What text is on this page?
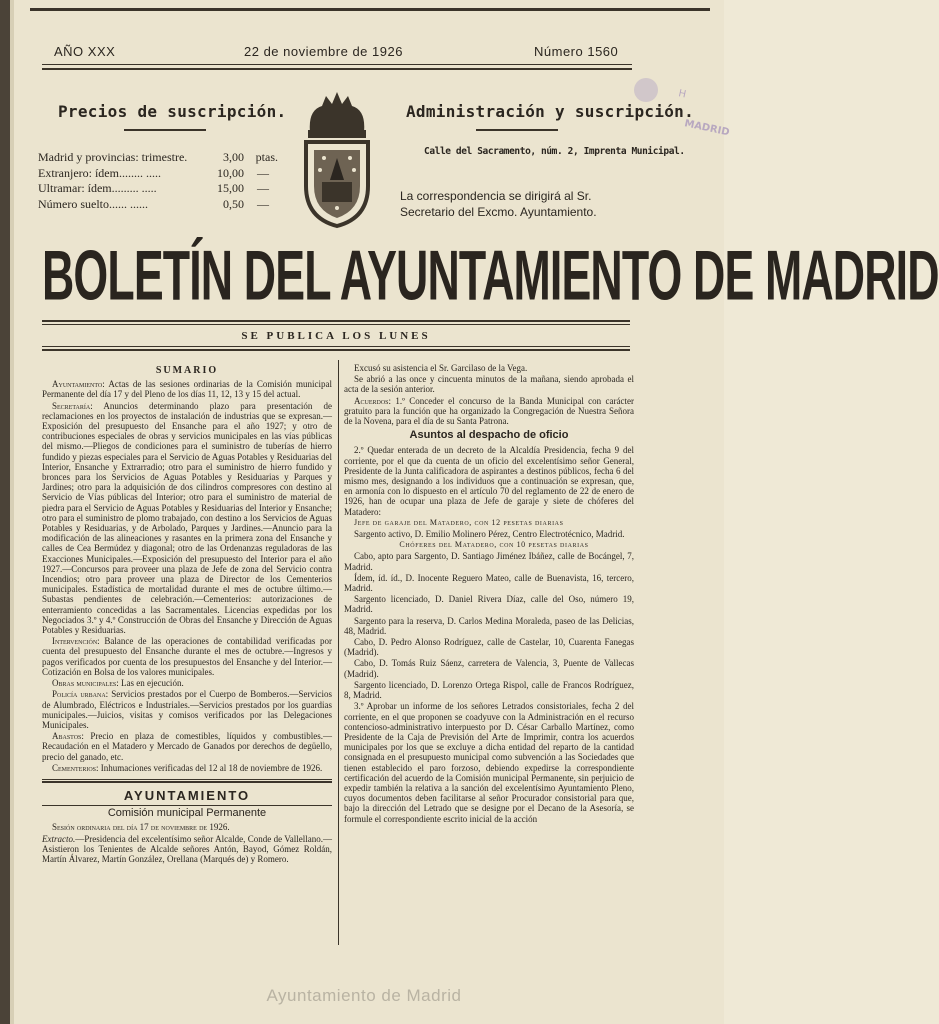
AÑO XXX	22 de noviembre de 1926	Número 1560
Precios de suscripción.	Administración y suscripción.
Madrid y provincias: trimestre.	3,00 ptas.
Extranjero: ídem........ .....	10,00	—
Ultramar: ídem......... .....	15,00	—
Número suelto...... ......	0,50	—
Calle del Sacramento, núm. 2, Imprenta Municipal.
La correspondencia se dirigirá al Sr. Secretario del Excmo. Ayuntamiento.
H
MADRID
BOLETÍN DEL AYUNTAMIENTO DE MADRID
SE PUBLICA LOS LUNES
SUMARIO

Ayuntamiento: Actas de las sesiones ordinarias de la Comisión municipal Permanente del día 17 y del Pleno de los días 11, 12, 13 y 15 del actual.

Secretaría: Anuncios determinando plazo para presentación de reclamaciones en los proyectos de instalación de industrias que se expresan.—Exposición del presupuesto del Ensanche para el año 1927; y otro de contribuciones especiales de obras y servicios municipales en las vías públicas del mismo.—Pliegos de condiciones para el suministro de tuberías de hierro fundido y piezas especiales para el Servicio de Aguas Potables y Residuarias del Interior, Ensanche y Extrarradio; otro para el suministro de hierro fundido y bronces para los Servicios de Aguas Potables y Residuarias y Parques y Jardines; otro para la adquisición de dos cilindros compresores con destino al Servicio de Vías públicas del Interior; otro para el suministro de material de piedra para el Servicio de Aguas Potables y Residuarias del Interior y Ensanche; otro para el suministro de plomo trabajado, con destino a los Servicios de Aguas Potables y Residuarias, y de Arbolado, Parques y Jardines.—Anuncio para la modificación de las alineaciones y rasantes en la primera zona del Ensanche y calles de Cea Bermúdez y diagonal; otro de las Ordenanzas reguladoras de las Exacciones Municipales.—Exposición del presupuesto del Interior para el año 1927.—Concursos para proveer una plaza de Jefe de zona del Servicio contra Incendios; otro para proveer una plaza de Director de los Cementerios municipales. Estadística de mortalidad durante el mes de octubre último.—Subastas pendientes de celebración.—Cementerios: autorizaciones de enterramiento concedidas a las Sacramentales. Licencias expedidas por los Negociados 3.º y 4.º Construcción de Obras del Ensanche y Dirección de Aguas Potables y Residuarias.

Intervención: Balance de las operaciones de contabilidad verificadas por cuenta del presupuesto del Ensanche durante el mes de octubre.—Ingresos y pagos verificados por cuenta de los presupuestos del Ensanche y del Interior.—Cotización en Bolsa de los valores municipales.

Obras municipales: Las en ejecución.

Policía urbana: Servicios prestados por el Cuerpo de Bomberos.—Servicios de Alumbrado, Eléctricos e Industriales.—Servicios prestados por los guardias municipales.—Juicios, visitas y comisos verificados por las Delegaciones Municipales.

Abastos: Precio en plaza de comestibles, líquidos y combustibles.—Recaudación en el Matadero y Mercado de Ganados por derechos de degüello, precio del ganado, etc.

Cementerios: Inhumaciones verificadas del 12 al 18 de noviembre de 1926.

AYUNTAMIENTO
Comisión municipal Permanente

Sesión ordinaria del día 17 de noviembre de 1926.

Extracto.—Presidencia del excelentísimo señor Alcalde, Conde de Vallellano.—Asistieron los Tenientes de Alcalde señores Antón, Bayod, Gómez Roldán, Martín Álvarez, Martín González, Orellana (Marqués de) y Romero.

Excusó su asistencia el Sr. Garcilaso de la Vega.

Se abrió a las once y cincuenta minutos de la mañana, siendo aprobada el acta de la sesión anterior.

Acuerdos: 1.º Conceder el concurso de la Banda Municipal con carácter gratuito para la función que ha organizado la Congregación de Nuestra Señora de la Novena, para el día de su Santa Patrona.

Asuntos al despacho de oficio

2.º Quedar enterada de un decreto de la Alcaldía Presidencia, fecha 9 del corriente, por el que da cuenta de un oficio del excelentísimo señor General, Presidente de la Junta calificadora de aspirantes a destinos públicos, fecha 6 del mismo mes, designando a los individuos que a continuación se expresan, que, en armonía con lo dispuesto en el artículo 70 del reglamento de 22 de enero de 1926, han de ocupar una plaza de Jefe de garaje y siete de chóferes del Matadero:

Jefe de garaje del Matadero, con 12 pesetas diarias

Sargento activo, D. Emilio Molinero Pérez, Centro Electrotécnico, Madrid.

Chóferes del Matadero, con 10 pesetas diarias

Cabo, apto para Sargento, D. Santiago Jiménez Ibáñez, calle de Bocángel, 7, Madrid.

Ídem, íd. íd., D. Inocente Reguero Mateo, calle de Buenavista, 16, tercero, Madrid.

Sargento licenciado, D. Daniel Rivera Díaz, calle del Oso, número 19, Madrid.

Sargento para la reserva, D. Carlos Medina Moraleda, paseo de las Delicias, 48, Madrid.

Cabo, D. Pedro Alonso Rodríguez, calle de Castelar, 10, Cuarenta Fanegas (Madrid).

Cabo, D. Tomás Ruiz Sáenz, carretera de Valencia, 3, Puente de Vallecas (Madrid).

Sargento licenciado, D. Lorenzo Ortega Rispol, calle de Francos Rodríguez, 8, Madrid.

3.º Aprobar un informe de los señores Letrados consistoriales, fecha 2 del corriente, en el que proponen se coadyuve con la Administración en el recurso contencioso-administrativo interpuesto por D. César Carballo Martínez, como Presidente de la Caja de Previsión del Arte de Imprimir, contra los acuerdos municipales por los que se excluye a dicha entidad del reparto de la cantidad consignada en el presupuesto municipal como subvención a las Sociedades que tienen establecido el paro forzoso, debiendo expedirse la correspondiente certificación del acuerdo de la Comisión municipal Permanente, sin perjuicio de expedir también la relativa a la sanción del excelentísimo Ayuntamiento Pleno, cuyos documentos deben facilitarse al señor Procurador consistorial para que, bajo la dirección del Letrado que se designe por el Decano de la Asesoría, se formule el correspondiente escrito inicial de la acción

Ayuntamiento de Madrid
